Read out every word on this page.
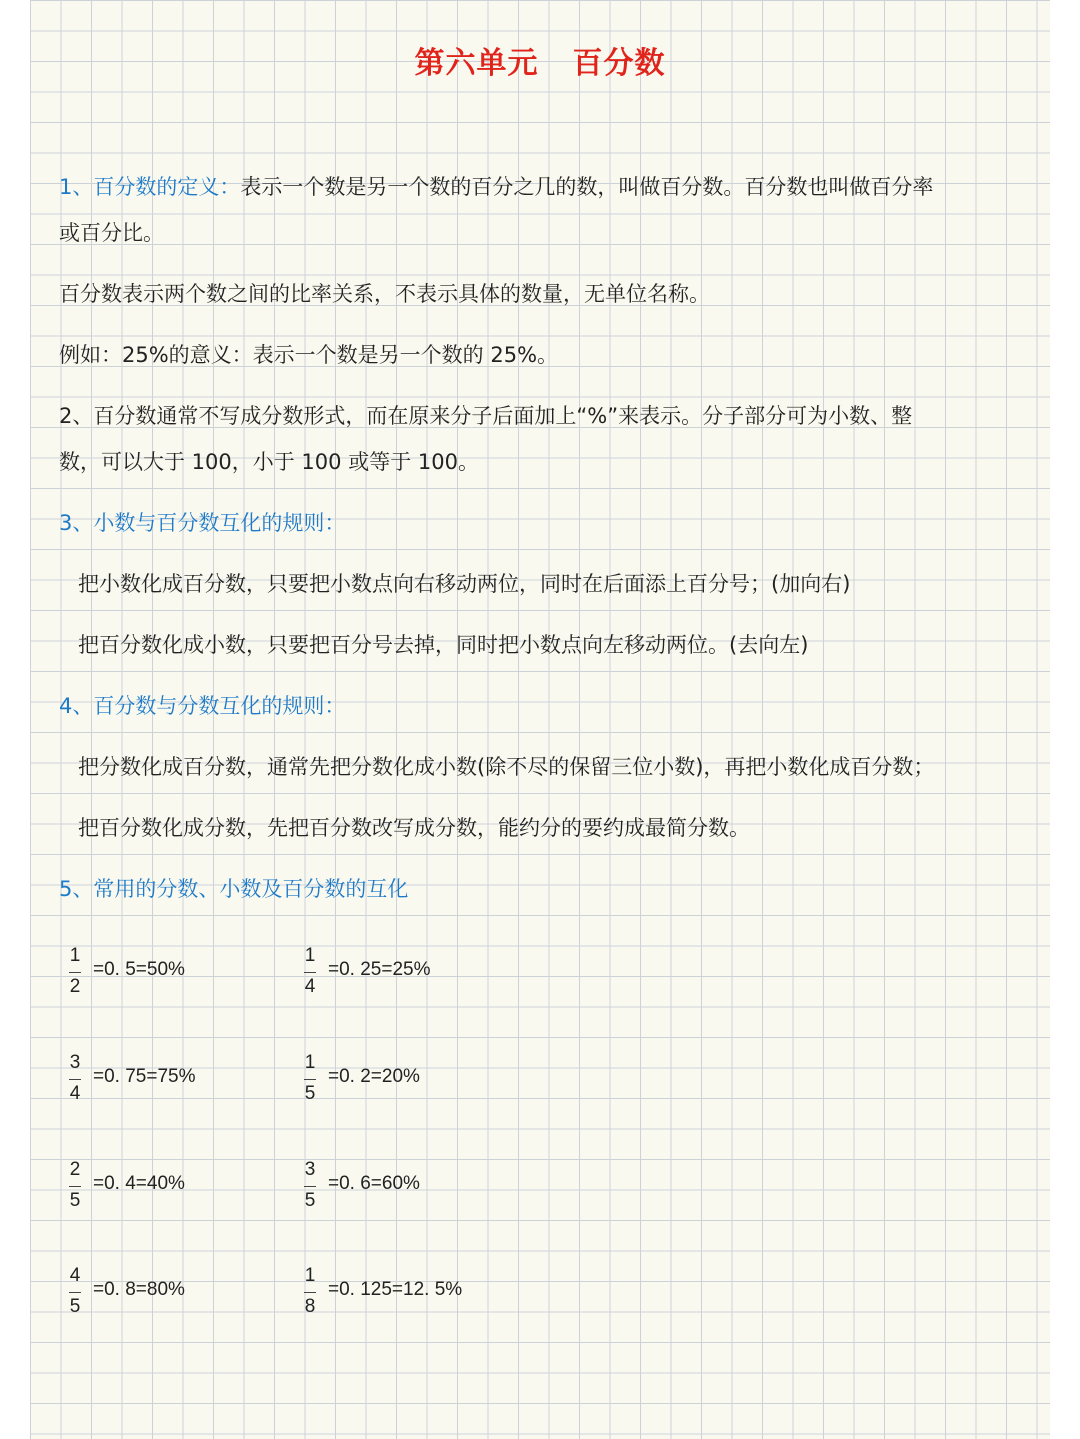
第六单元 百分数
1、百分数的定义：表示一个数是另一个数的百分之几的数，叫做百分数。百分数也叫做百分率
或百分比。
百分数表示两个数之间的比率关系，不表示具体的数量，无单位名称。
例如：25%的意义：表示一个数是另一个数的 25%。
2、百分数通常不写成分数形式，而在原来分子后面加上“%”来表示。分子部分可为小数、整
数，可以大于 100，小于 100 或等于 100。
3、小数与百分数互化的规则：
把小数化成百分数，只要把小数点向右移动两位，同时在后面添上百分号；(加向右)
把百分数化成小数，只要把百分号去掉，同时把小数点向左移动两位。(去向左)
4、百分数与分数互化的规则：
把分数化成百分数，通常先把分数化成小数(除不尽的保留三位小数)，再把小数化成百分数；
把百分数化成分数，先把百分数改写成分数，能约分的要约成最简分数。
5、常用的分数、小数及百分数的互化
1
2
=0. 5=50%
1
4
=0. 25=25%
3
4
=0. 75=75%
1
5
=0. 2=20%
2
5
=0. 4=40%
3
5
=0. 6=60%
4
5
=0. 8=80%
1
8
=0. 125=12. 5%
